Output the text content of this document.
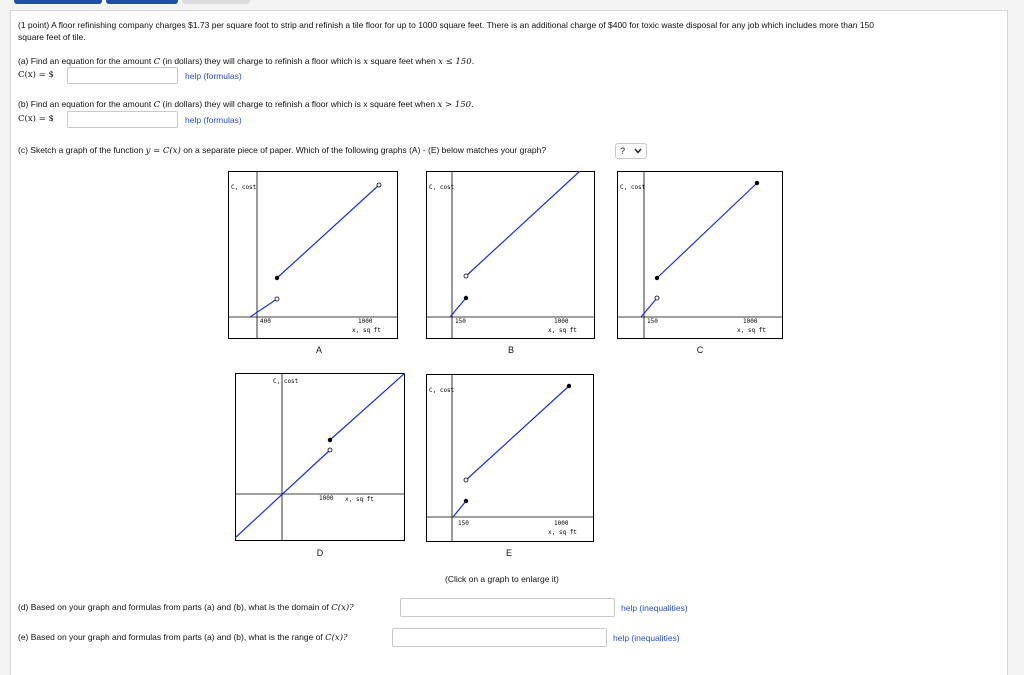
(1 point) A floor refinishing company charges $1.73 per square foot to strip and refinish a tile floor for up to 1000 square feet. There is an additional charge of $400 for toxic waste disposal for any job which includes more than 150
square feet of tile.
(a) Find an equation for the amount C (in dollars) they will charge to refinish a floor which is x square feet when x ≤ 150.
C(x) = $	help (formulas)
(b) Find an equation for the amount C (in dollars) they will charge to refinish a floor which is x square feet when x > 150.
C(x) = $	help (formulas)
(c) Sketch a graph of the function y = C(x) on a separate piece of paper. Which of the following graphs (A) - (E) below matches your graph?	?
C, cost
400	1000
x, sq ft
A
C, cost
150	1000
x, sq ft
B
C, cost
150	1000
x, sq ft
C
C, cost
1000 x, sq ft
D
C, cost
150	1000
x, sq ft
E
(Click on a graph to enlarge it)
(d) Based on your graph and formulas from parts (a) and (b), what is the domain of C(x)?	help (inequalities)
(e) Based on your graph and formulas from parts (a) and (b), what is the range of C(x)?	help (inequalities)
